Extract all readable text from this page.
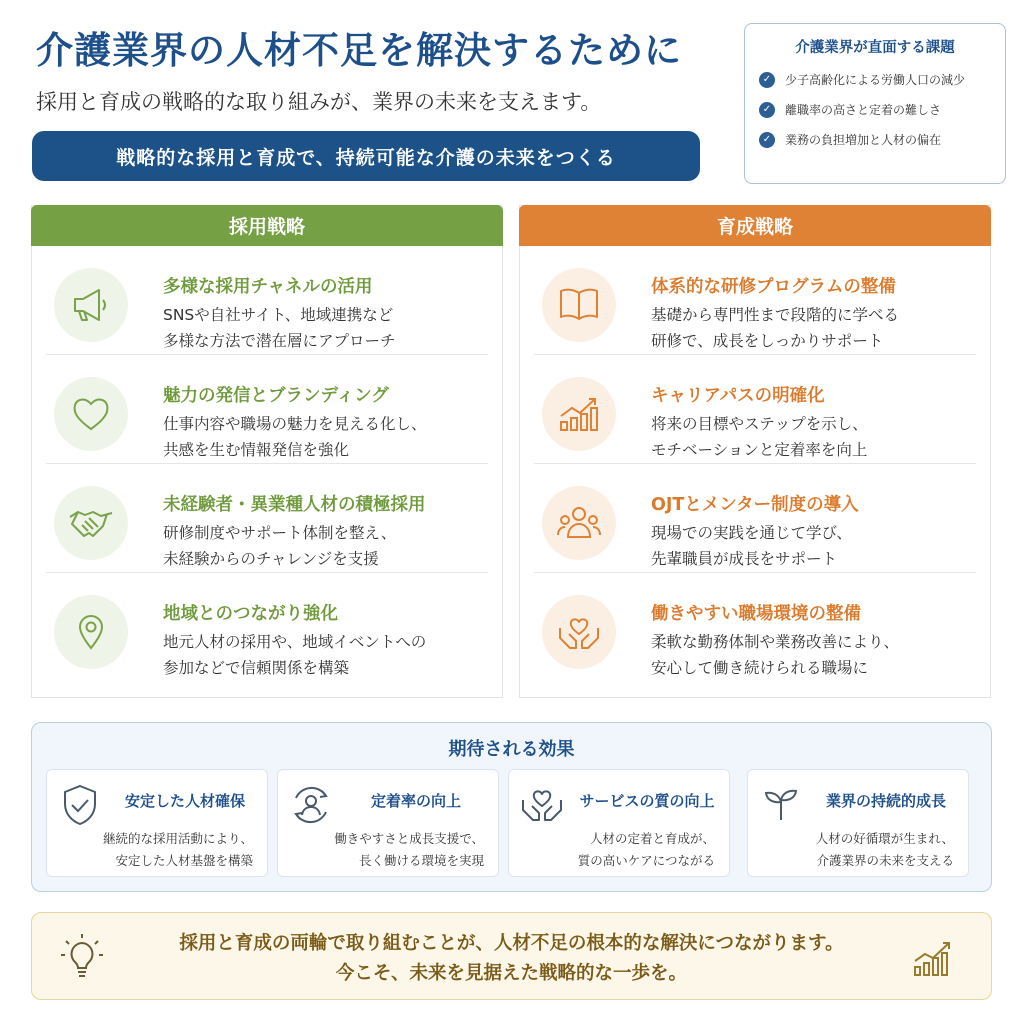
介護業界の人材不足を解決するために
採用と育成の戦略的な取り組みが、業界の未来を支えます。
戦略的な採用と育成で、持続可能な介護の未来をつくる
介護業界が直面する課題
✓	少子高齢化による労働人口の減少
✓	離職率の高さと定着の難しさ
✓	業務の負担増加と人材の偏在
採用戦略
多様な採用チャネルの活用
SNSや自社サイト、地域連携など
多様な方法で潜在層にアプローチ
魅力の発信とブランディング
仕事内容や職場の魅力を見える化し、
共感を生む情報発信を強化
未経験者・異業種人材の積極採用
研修制度やサポート体制を整え、
未経験からのチャレンジを支援
地域とのつながり強化
地元人材の採用や、地域イベントへの
参加などで信頼関係を構築
育成戦略
体系的な研修プログラムの整備
基礎から専門性まで段階的に学べる
研修で、成長をしっかりサポート
キャリアパスの明確化
将来の目標やステップを示し、
モチベーションと定着率を向上
OJTとメンター制度の導入
現場での実践を通じて学び、
先輩職員が成長をサポート
働きやすい職場環境の整備
柔軟な勤務体制や業務改善により、
安心して働き続けられる職場に
期待される効果
安定した人材確保
継続的な採用活動により、
安定した人材基盤を構築
定着率の向上
働きやすさと成長支援で、
長く働ける環境を実現
サービスの質の向上
人材の定着と育成が、
質の高いケアにつながる
業界の持続的成長
人材の好循環が生まれ、
介護業界の未来を支える
採用と育成の両輪で取り組むことが、人材不足の根本的な解決につながります。
今こそ、未来を見据えた戦略的な一歩を。
